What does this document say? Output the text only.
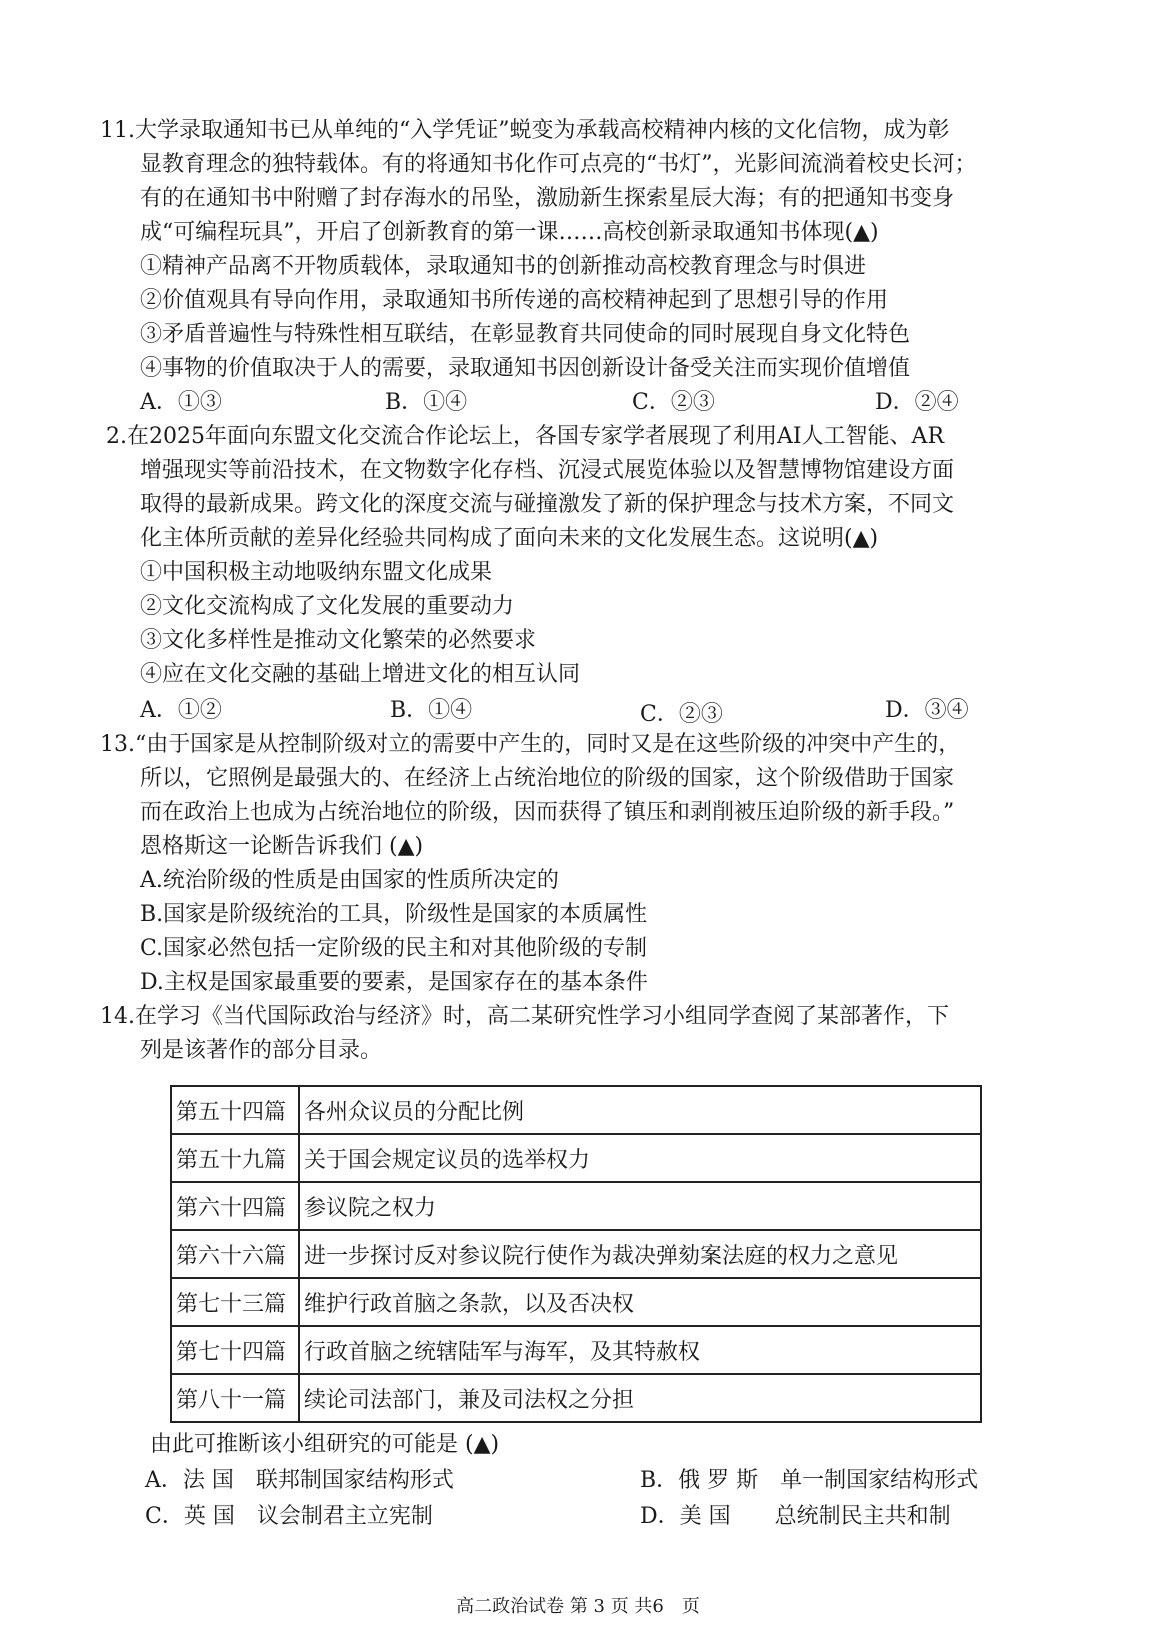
11.大学录取通知书已从单纯的“入学凭证”蜕变为承载高校精神内核的文化信物，成为彰
显教育理念的独特载体。有的将通知书化作可点亮的“书灯”，光影间流淌着校史长河；
有的在通知书中附赠了封存海水的吊坠，激励新生探索星辰大海；有的把通知书变身
成“可编程玩具”，开启了创新教育的第一课……高校创新录取通知书体现(▲)
①精神产品离不开物质载体，录取通知书的创新推动高校教育理念与时俱进
②价值观具有导向作用，录取通知书所传递的高校精神起到了思想引导的作用
③矛盾普遍性与特殊性相互联结，在彰显教育共同使命的同时展现自身文化特色
④事物的价值取决于人的需要，录取通知书因创新设计备受关注而实现价值增值
A．①③	B．①④	C．②③	D．②④
2.在2025年面向东盟文化交流合作论坛上，各国专家学者展现了利用AI人工智能、AR
增强现实等前沿技术，在文物数字化存档、沉浸式展览体验以及智慧博物馆建设方面
取得的最新成果。跨文化的深度交流与碰撞激发了新的保护理念与技术方案，不同文
化主体所贡献的差异化经验共同构成了面向未来的文化发展生态。这说明(▲)
①中国积极主动地吸纳东盟文化成果
②文化交流构成了文化发展的重要动力
③文化多样性是推动文化繁荣的必然要求
④应在文化交融的基础上增进文化的相互认同
A．①②	B．①④	C．②③	D．③④
13.“由于国家是从控制阶级对立的需要中产生的，同时又是在这些阶级的冲突中产生的，
所以，它照例是最强大的、在经济上占统治地位的阶级的国家，这个阶级借助于国家
而在政治上也成为占统治地位的阶级，因而获得了镇压和剥削被压迫阶级的新手段。”
恩格斯这一论断告诉我们 (▲)
A.统治阶级的性质是由国家的性质所决定的
B.国家是阶级统治的工具，阶级性是国家的本质属性
C.国家必然包括一定阶级的民主和对其他阶级的专制
D.主权是国家最重要的要素，是国家存在的基本条件
14.在学习《当代国际政治与经济》时，高二某研究性学习小组同学查阅了某部著作，下
列是该著作的部分目录。
第五十四篇	各州众议员的分配比例
第五十九篇	关于国会规定议员的选举权力
第六十四篇	参议院之权力
第六十六篇	进一步探讨反对参议院行使作为裁决弹劾案法庭的权力之意见
第七十三篇	维护行政首脑之条款，以及否决权
第七十四篇	行政首脑之统辖陆军与海军，及其特赦权
第八十一篇	续论司法部门，兼及司法权之分担
由此可推断该小组研究的可能是 (▲)
A．法 国　联邦制国家结构形式	B．俄 罗 斯　单一制国家结构形式
C．英 国　议会制君主立宪制	D．美 国　　总统制民主共和制
高二政治试卷 第 3 页 共6　页
